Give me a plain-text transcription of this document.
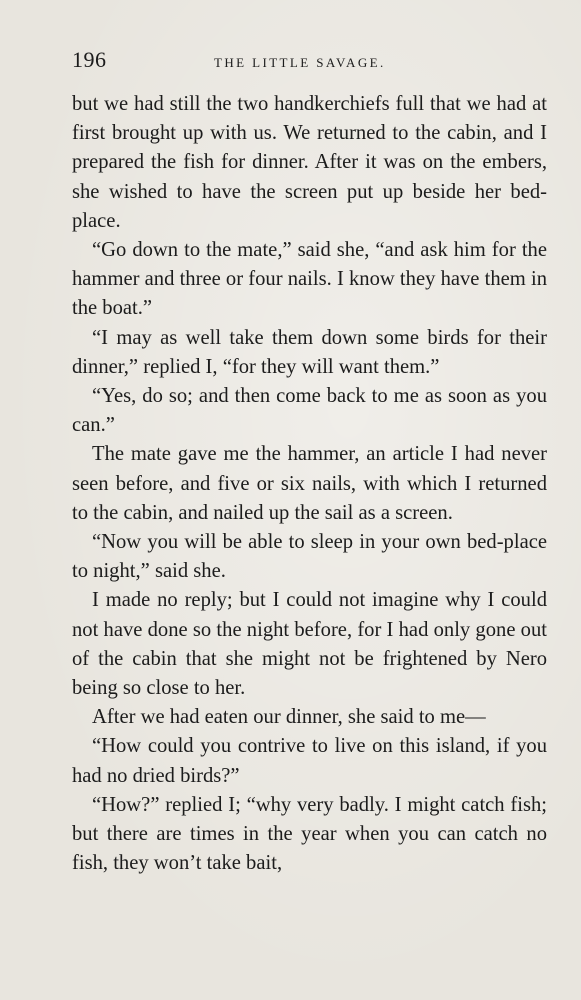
196	THE LITTLE SAVAGE.

but we had still the two handkerchiefs full that we had at first brought up with us. We returned to the cabin, and I prepared the fish for dinner. After it was on the embers, she wished to have the screen put up beside her bed-place.

“Go down to the mate,” said she, “and ask him for the hammer and three or four nails. I know they have them in the boat.”

“I may as well take them down some birds for their dinner,” replied I, “for they will want them.”

“Yes, do so; and then come back to me as soon as you can.”

The mate gave me the hammer, an article I had never seen before, and five or six nails, with which I returned to the cabin, and nailed up the sail as a screen.

“Now you will be able to sleep in your own bed-place to night,” said she.

I made no reply; but I could not imagine why I could not have done so the night before, for I had only gone out of the cabin that she might not be frightened by Nero being so close to her.

After we had eaten our dinner, she said to me—

“How could you contrive to live on this island, if you had no dried birds?”

“How?” replied I; “why very badly. I might catch fish; but there are times in the year when you can catch no fish, they won’t take bait,
